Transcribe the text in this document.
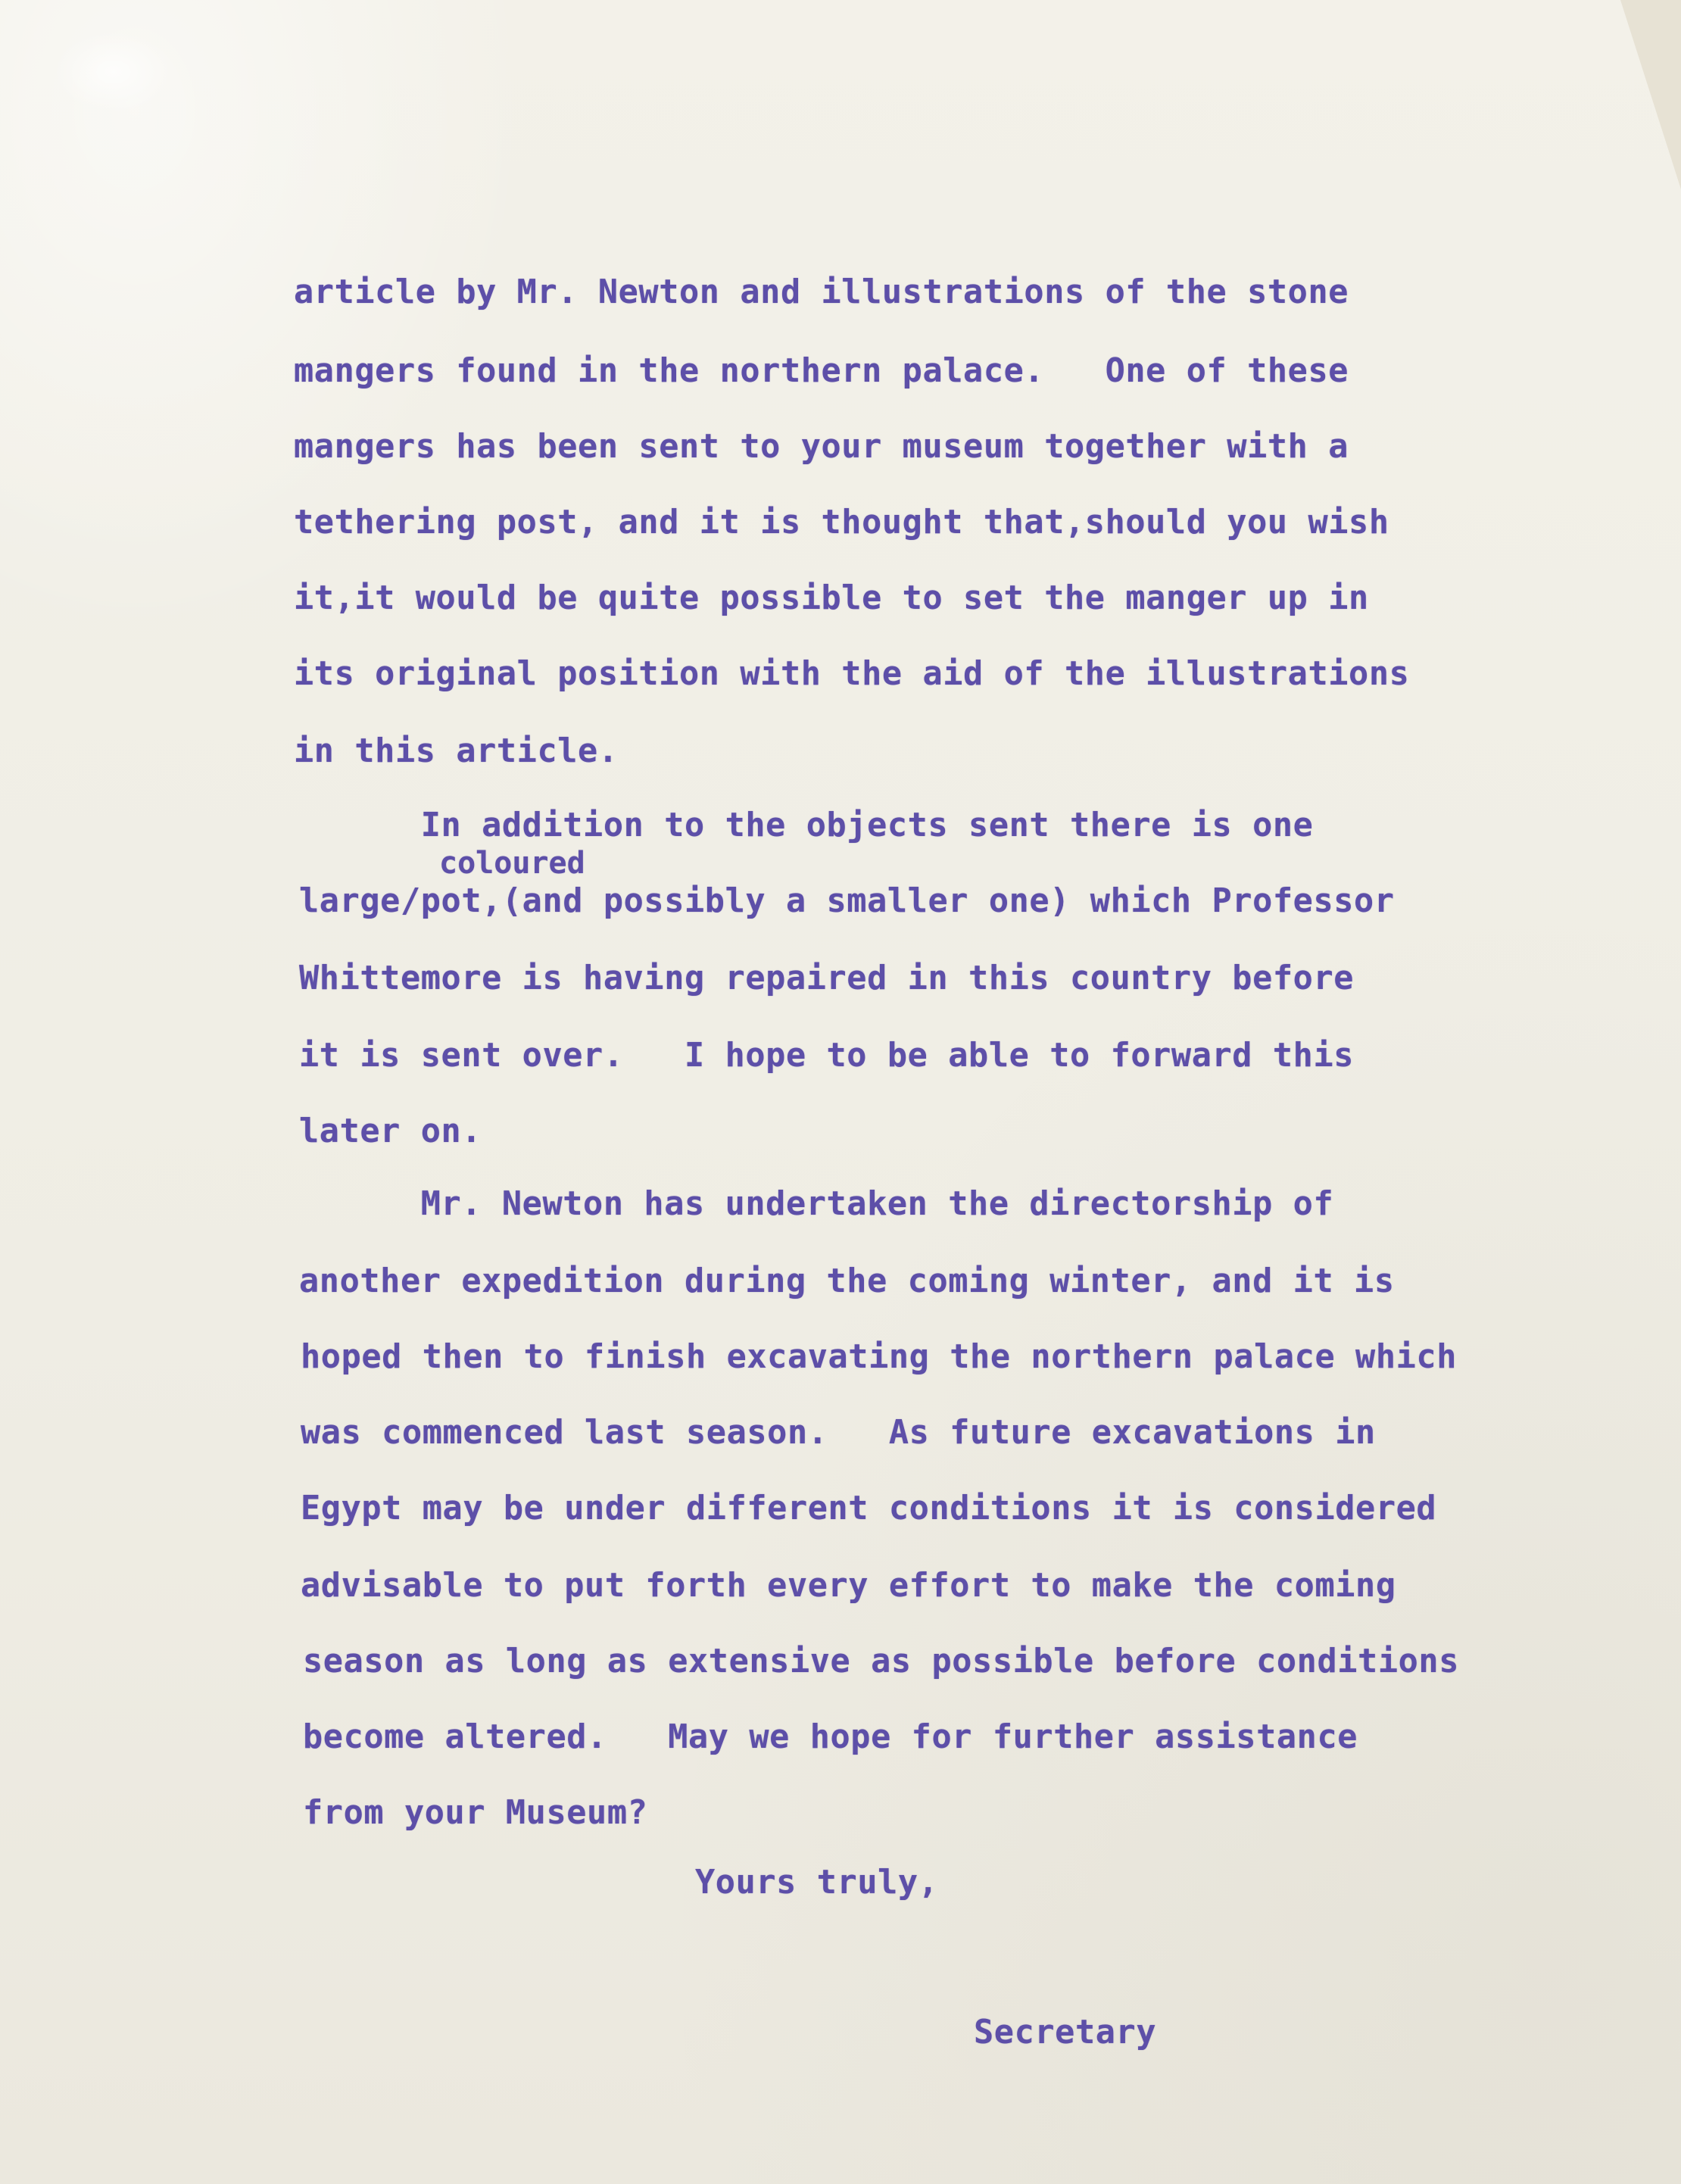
article by Mr. Newton and illustrations of the stone

mangers found in the northern palace.   One of these

mangers has been sent to your museum together with a

tethering post, and it is thought that,should you wish

it,it would be quite possible to set the manger up in

its original position with the aid of the illustrations

in this article.

In addition to the objects sent there is one

coloured

large/pot,(and possibly a smaller one) which Professor

Whittemore is having repaired in this country before

it is sent over.   I hope to be able to forward this

later on.

Mr. Newton has undertaken the directorship of

another expedition during the coming winter, and it is

hoped then to finish excavating the northern palace which

was commenced last season.   As future excavations in

Egypt may be under different conditions it is considered

advisable to put forth every effort to make the coming

season as long as extensive as possible before conditions

become altered.   May we hope for further assistance

from your Museum?

Yours truly,

Secretary
